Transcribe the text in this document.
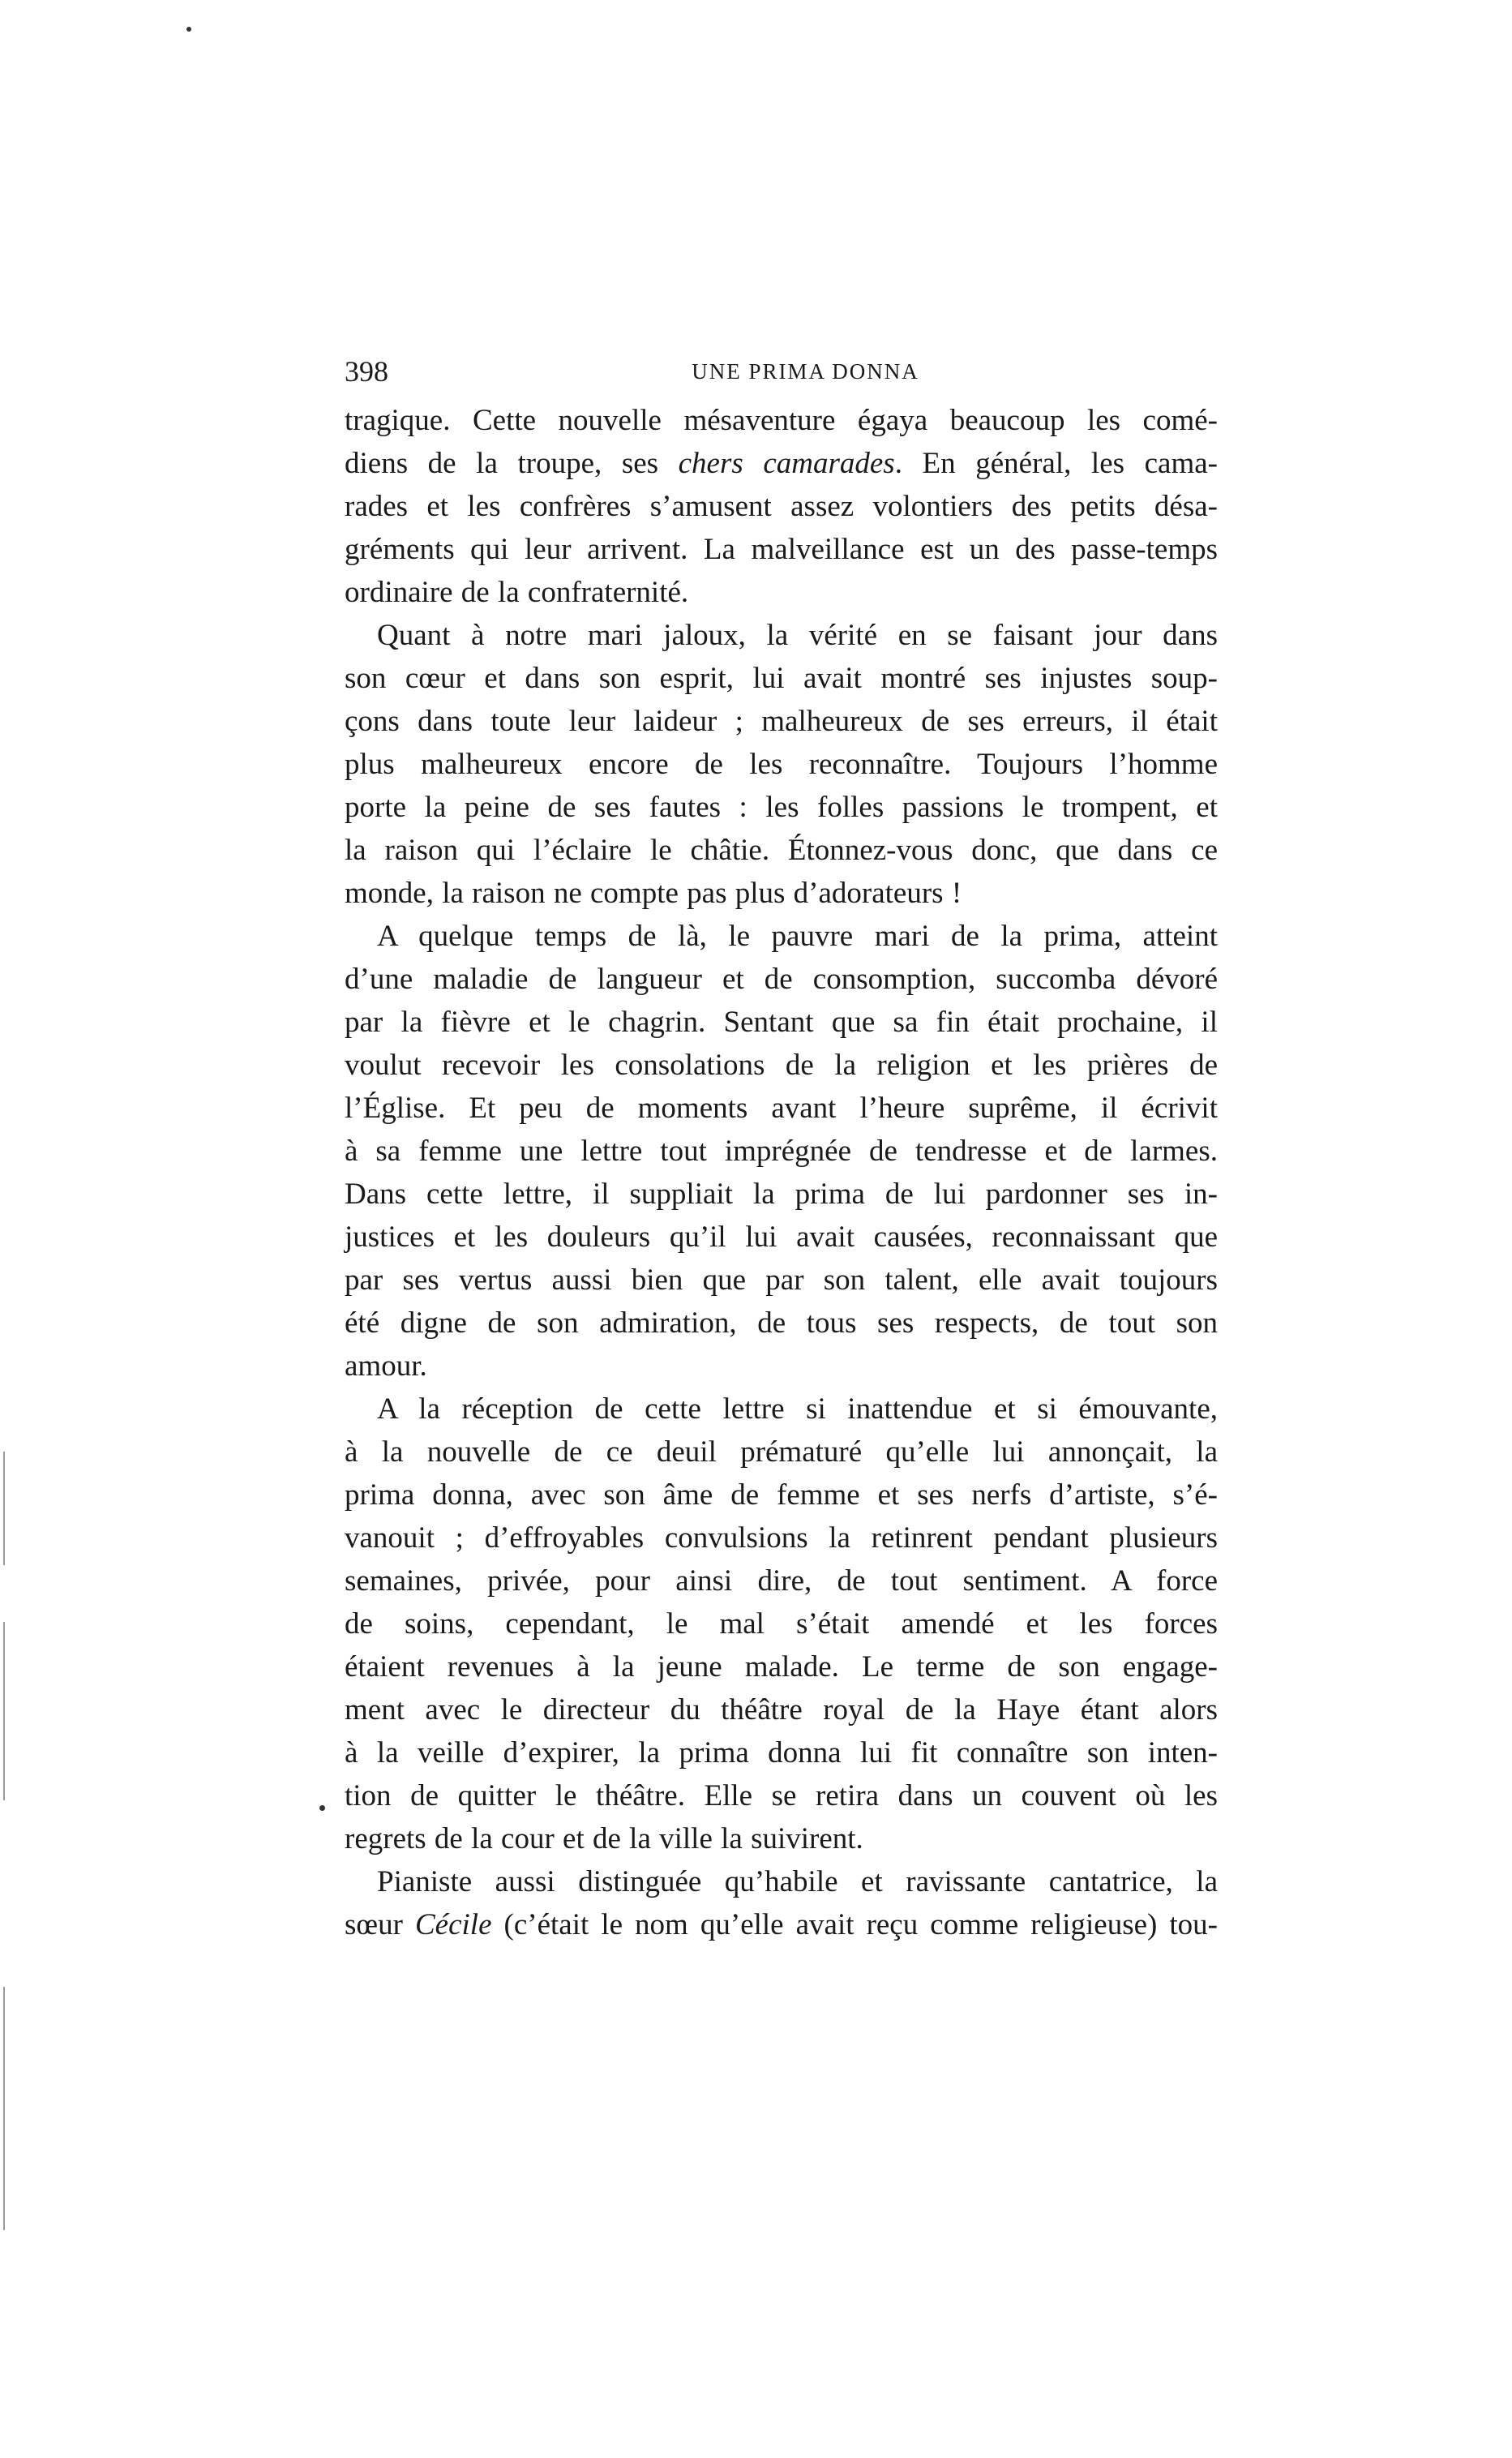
398	UNE PRIMA DONNA
tragique. Cette nouvelle mésaventure égaya beaucoup les comé-
diens de la troupe, ses chers camarades. En général, les cama-
rades et les confrères s’amusent assez volontiers des petits désa-
gréments qui leur arrivent. La malveillance est un des passe-temps
ordinaire de la confraternité.
Quant à notre mari jaloux, la vérité en se faisant jour dans
son cœur et dans son esprit, lui avait montré ses injustes soup-
çons dans toute leur laideur ; malheureux de ses erreurs, il était
plus malheureux encore de les reconnaître. Toujours l’homme
porte la peine de ses fautes : les folles passions le trompent, et
la raison qui l’éclaire le châtie. Étonnez-vous donc, que dans ce
monde, la raison ne compte pas plus d’adorateurs !
A quelque temps de là, le pauvre mari de la prima, atteint
d’une maladie de langueur et de consomption, succomba dévoré
par la fièvre et le chagrin. Sentant que sa fin était prochaine, il
voulut recevoir les consolations de la religion et les prières de
l’Église. Et peu de moments avant l’heure suprême, il écrivit
à sa femme une lettre tout imprégnée de tendresse et de larmes.
Dans cette lettre, il suppliait la prima de lui pardonner ses in-
justices et les douleurs qu’il lui avait causées, reconnaissant que
par ses vertus aussi bien que par son talent, elle avait toujours
été digne de son admiration, de tous ses respects, de tout son
amour.
A la réception de cette lettre si inattendue et si émouvante,
à la nouvelle de ce deuil prématuré qu’elle lui annonçait, la
prima donna, avec son âme de femme et ses nerfs d’artiste, s’é-
vanouit ; d’effroyables convulsions la retinrent pendant plusieurs
semaines, privée, pour ainsi dire, de tout sentiment. A force
de soins, cependant, le mal s’était amendé et les forces
étaient revenues à la jeune malade. Le terme de son engage-
ment avec le directeur du théâtre royal de la Haye étant alors
à la veille d’expirer, la prima donna lui fit connaître son inten-
tion de quitter le théâtre. Elle se retira dans un couvent où les
regrets de la cour et de la ville la suivirent.
Pianiste aussi distinguée qu’habile et ravissante cantatrice, la
sœur Cécile (c’était le nom qu’elle avait reçu comme religieuse) tou-
